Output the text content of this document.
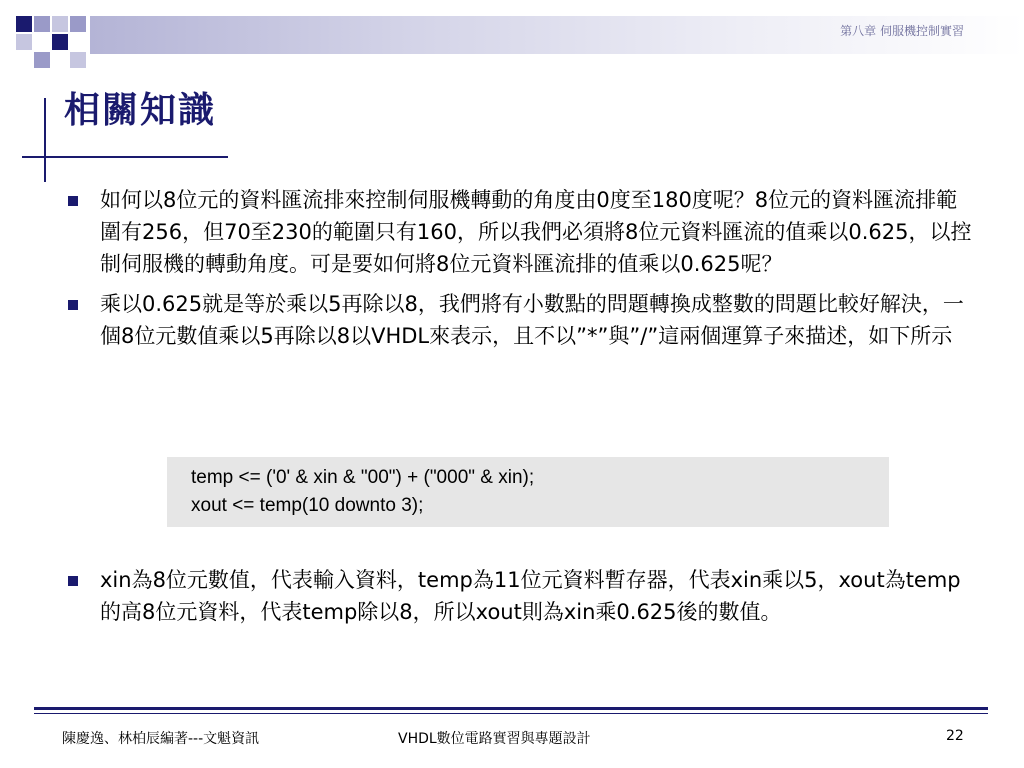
第八章 伺服機控制實習
相關知識
如何以8位元的資料匯流排來控制伺服機轉動的角度由0度至180度呢？8位元的資料匯流排範圍有256，但70至230的範圍只有160，所以我們必須將8位元資料匯流的值乘以0.625，以控制伺服機的轉動角度。可是要如何將8位元資料匯流排的值乘以0.625呢？
乘以0.625就是等於乘以5再除以8，我們將有小數點的問題轉換成整數的問題比較好解決，一個8位元數值乘以5再除以8以VHDL來表示，且不以”*”與”/”這兩個運算子來描述，如下所示
temp <= ('0' & xin & "00") + ("000" & xin);
xout <= temp(10 downto 3);
xin為8位元數值，代表輸入資料，temp為11位元資料暫存器，代表xin乘以5，xout為temp的高8位元資料，代表temp除以8，所以xout則為xin乘0.625後的數值。
陳慶逸、林柏辰編著---文魁資訊	VHDL數位電路實習與專題設計	22
